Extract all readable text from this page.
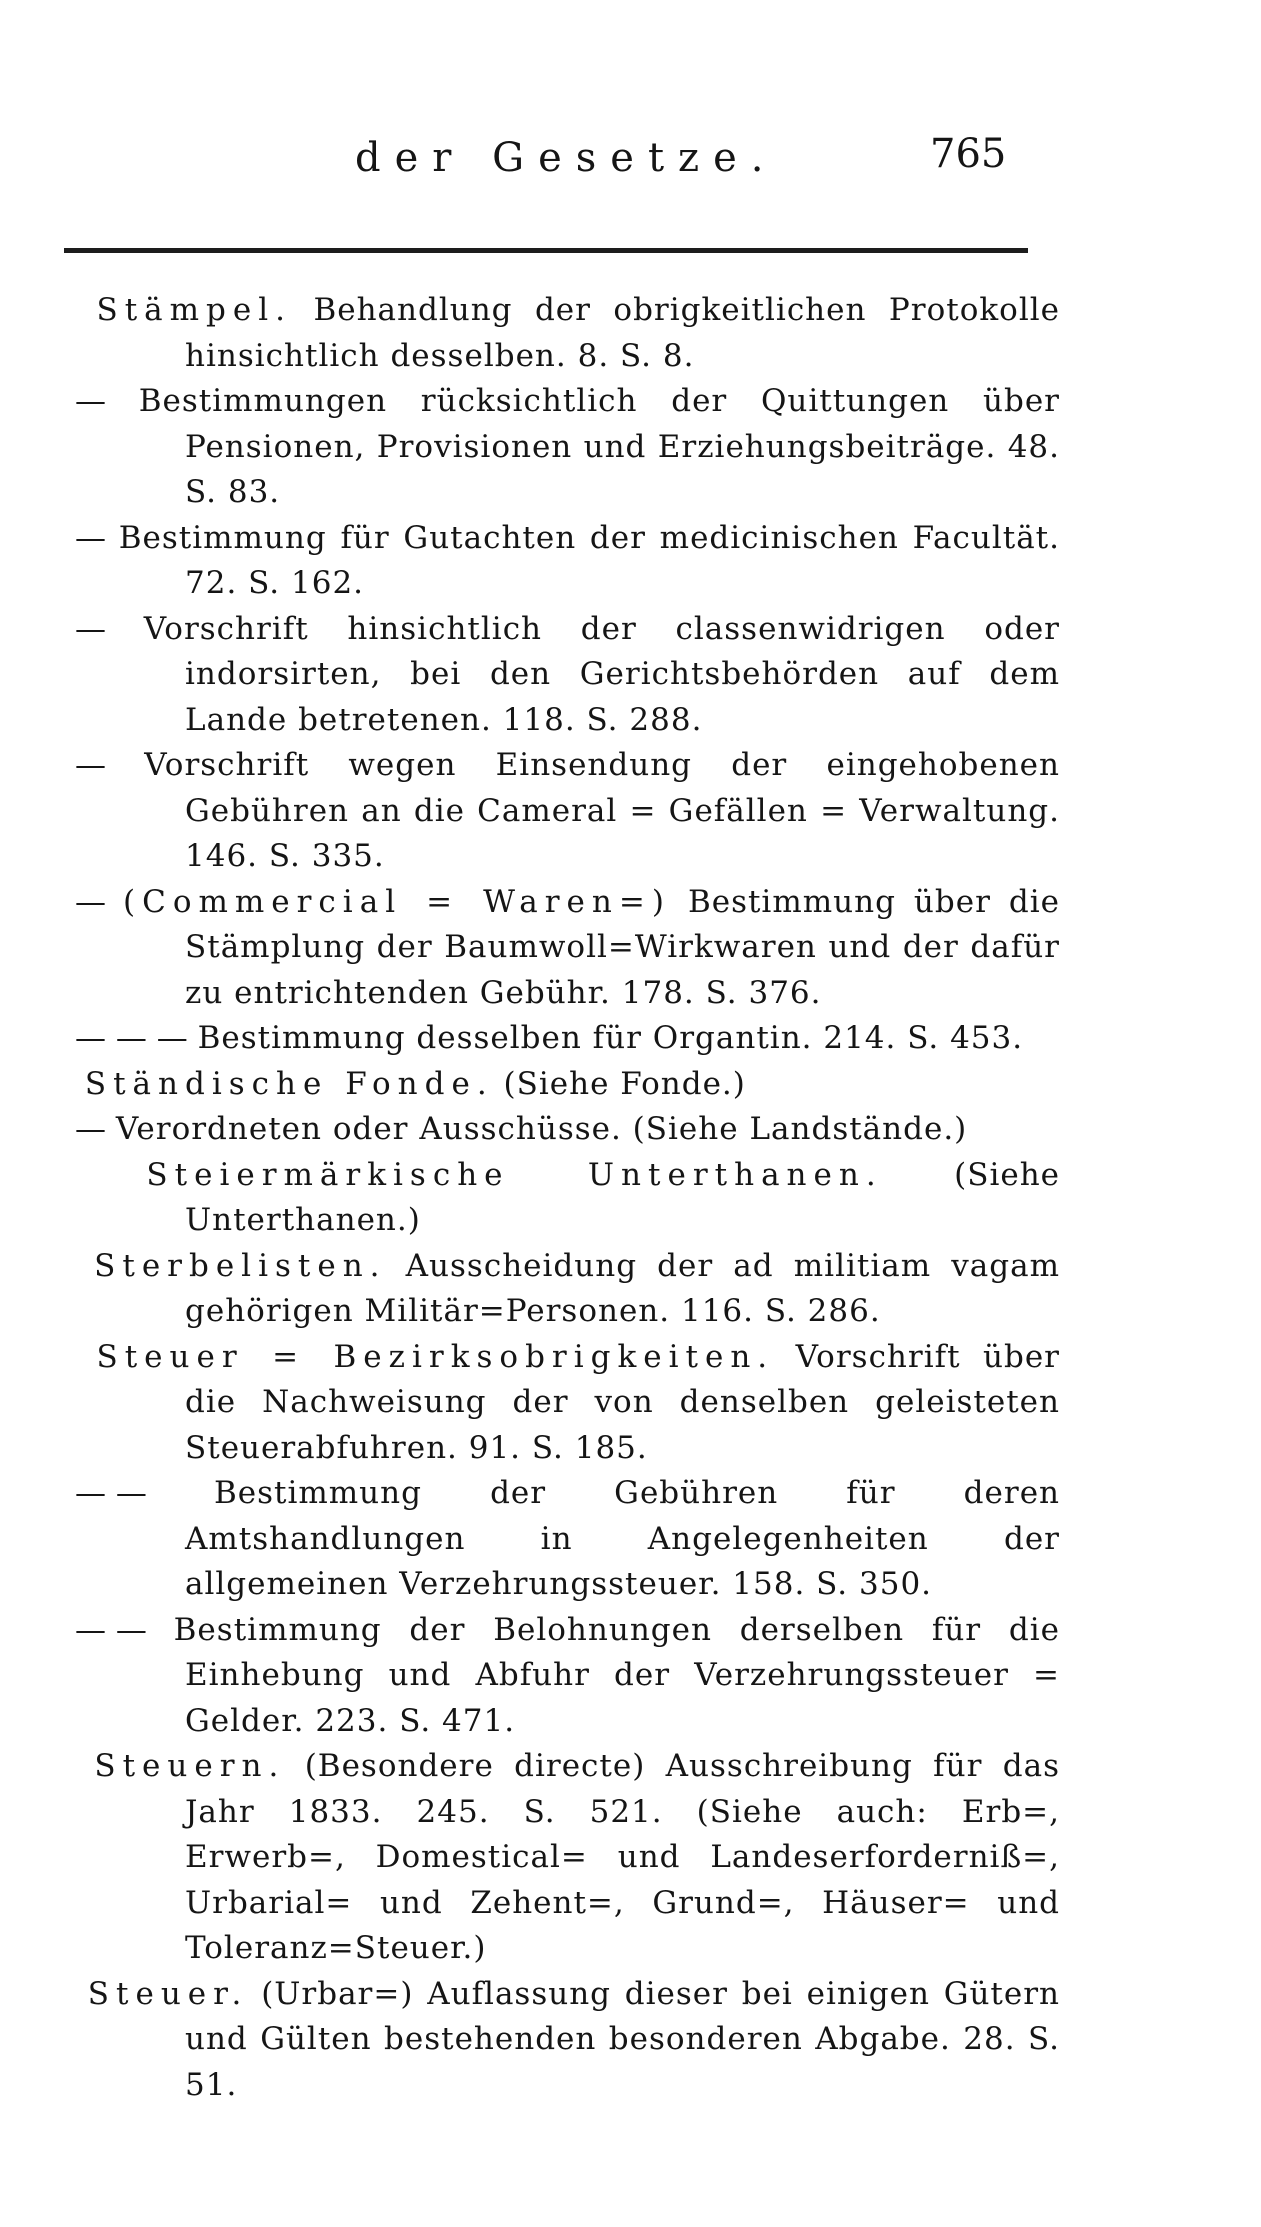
der Gesetze.	765

Stämpel. Behandlung der obrigkeitlichen Protokolle hinsichtlich desselben. 8. S. 8.

— Bestimmungen rücksichtlich der Quittungen über Pensionen, Provisionen und Erziehungsbeiträge. 48. S. 83.

— Bestimmung für Gutachten der medicinischen Facultät. 72. S. 162.

— Vorschrift hinsichtlich der classenwidrigen oder indorsirten, bei den Gerichtsbehörden auf dem Lande betretenen. 118. S. 288.

— Vorschrift wegen Einsendung der eingehobenen Gebühren an die Cameral = Gefällen = Verwaltung. 146. S. 335.

— (Commercial = Waren=) Bestimmung über die Stämplung der Baumwoll=Wirkwaren und der dafür zu entrichtenden Gebühr. 178. S. 376.

— — — Bestimmung desselben für Organtin. 214. S. 453.

Ständische Fonde. (Siehe Fonde.)

— Verordneten oder Ausschüsse. (Siehe Landstände.)

Steiermärkische Unterthanen. (Siehe Unterthanen.)

Sterbelisten. Ausscheidung der ad militiam vagam gehörigen Militär=Personen. 116. S. 286.

Steuer = Bezirksobrigkeiten. Vorschrift über die Nachweisung der von denselben geleisteten Steuerabfuhren. 91. S. 185.

— — Bestimmung der Gebühren für deren Amtshandlungen in Angelegenheiten der allgemeinen Verzehrungssteuer. 158. S. 350.

— — Bestimmung der Belohnungen derselben für die Einhebung und Abfuhr der Verzehrungssteuer = Gelder. 223. S. 471.

Steuern. (Besondere directe) Ausschreibung für das Jahr 1833. 245. S. 521. (Siehe auch: Erb=, Erwerb=, Domestical= und Landeserforderniß=, Urbarial= und Zehent=, Grund=, Häuser= und Toleranz=Steuer.)

Steuer. (Urbar=) Auflassung dieser bei einigen Gütern und Gülten bestehenden besonderen Abgabe. 28. S. 51.
